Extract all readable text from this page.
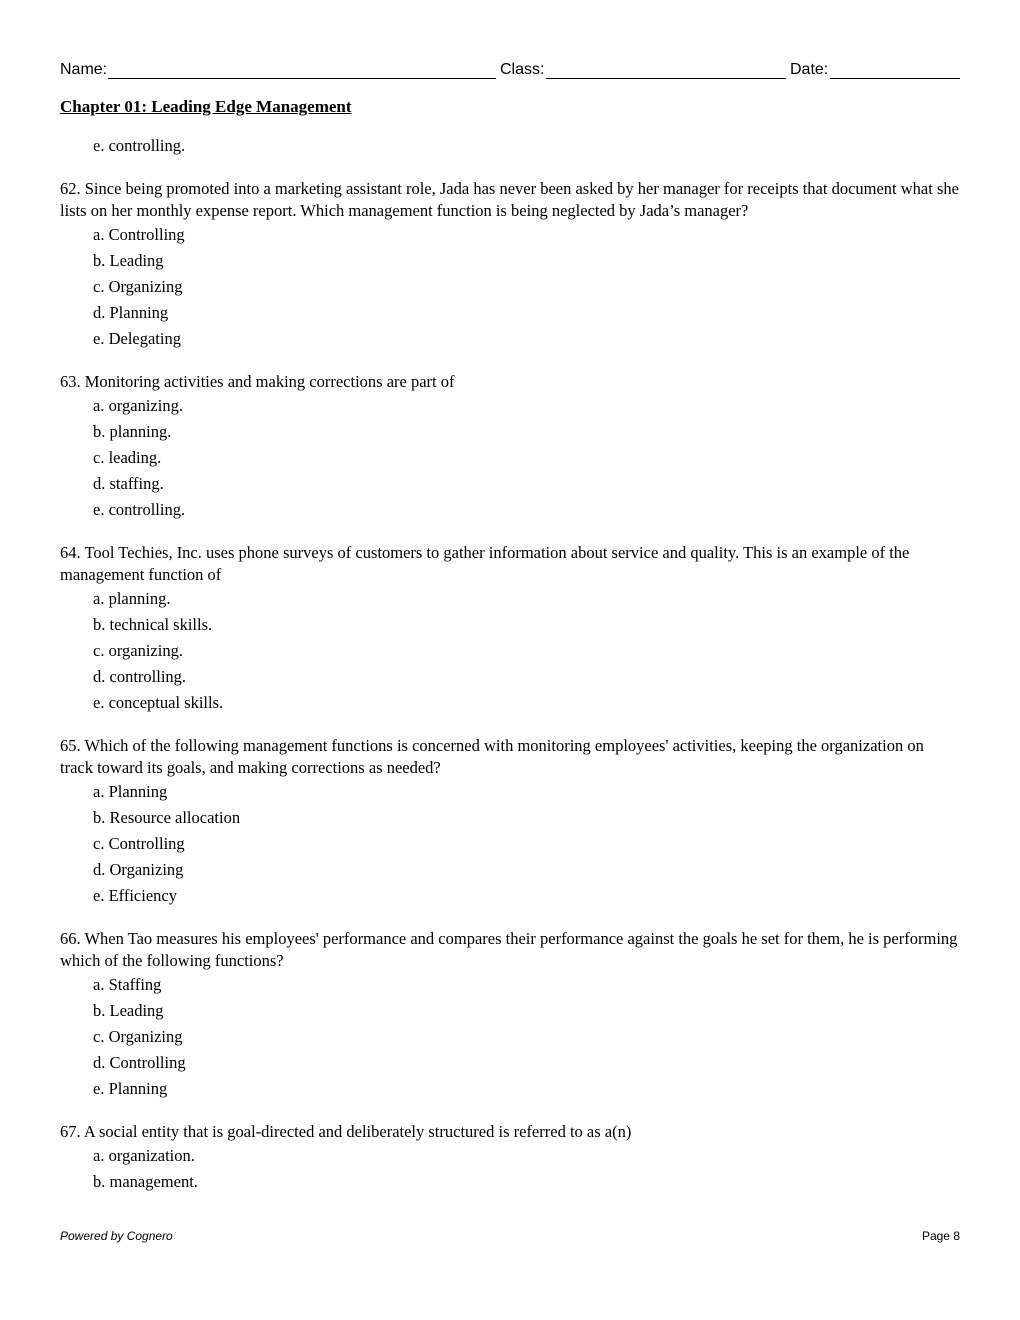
Name:	Class:	Date:
Chapter 01: Leading Edge Management
e. controlling.
62. Since being promoted into a marketing assistant role, Jada has never been asked by her manager for receipts that document what she lists on her monthly expense report. Which management function is being neglected by Jada’s manager?
a. Controlling
b. Leading
c. Organizing
d. Planning
e. Delegating
63. Monitoring activities and making corrections are part of
a. organizing.
b. planning.
c. leading.
d. staffing.
e. controlling.
64. Tool Techies, Inc. uses phone surveys of customers to gather information about service and quality. This is an example of the management function of
a. planning.
b. technical skills.
c. organizing.
d. controlling.
e. conceptual skills.
65. Which of the following management functions is concerned with monitoring employees' activities, keeping the organization on track toward its goals, and making corrections as needed?
a. Planning
b. Resource allocation
c. Controlling
d. Organizing
e. Efficiency
66. When Tao measures his employees' performance and compares their performance against the goals he set for them, he is performing which of the following functions?
a. Staffing
b. Leading
c. Organizing
d. Controlling
e. Planning
67. A social entity that is goal-directed and deliberately structured is referred to as a(n)
a. organization.
b. management.
Powered by Cognero	Page 8
